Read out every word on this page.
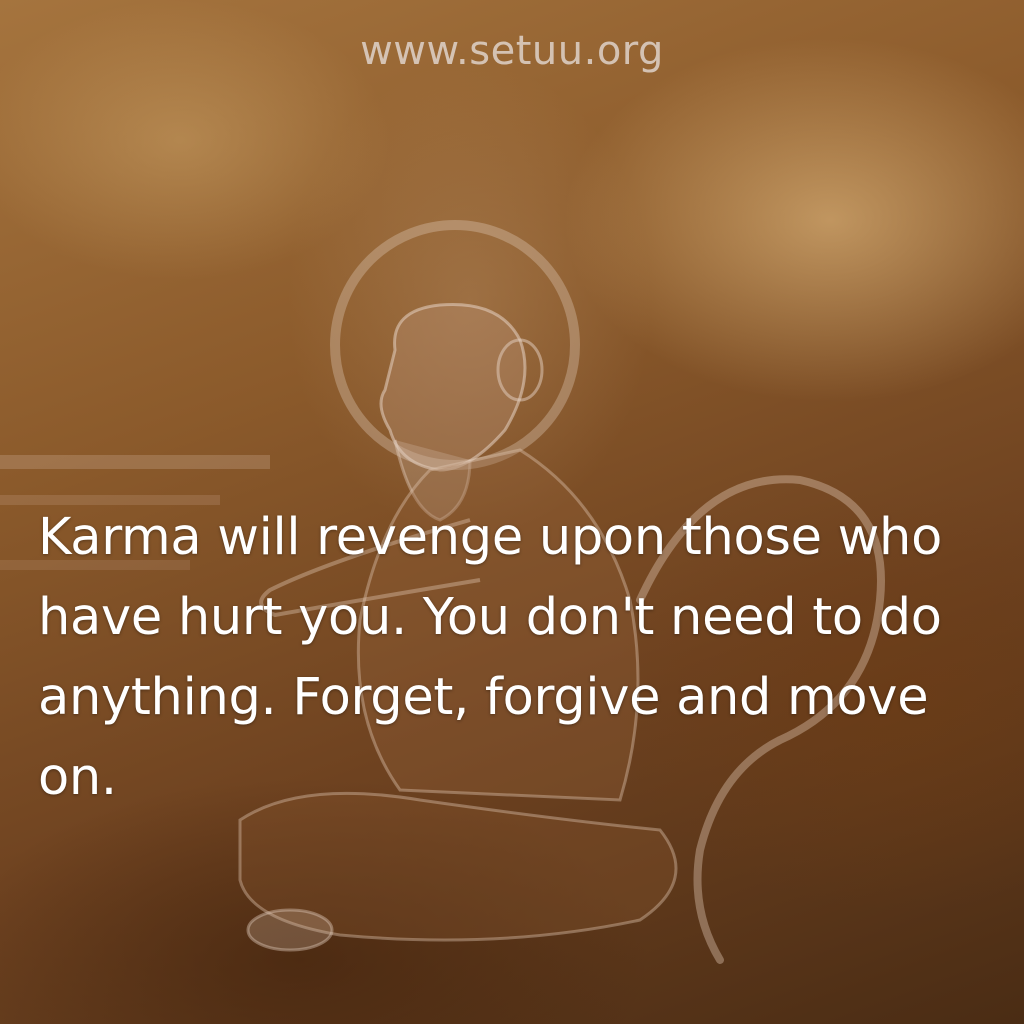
www.setuu.org

Karma will revenge upon those who have hurt you. You don't need to do anything. Forget, forgive and move on.
